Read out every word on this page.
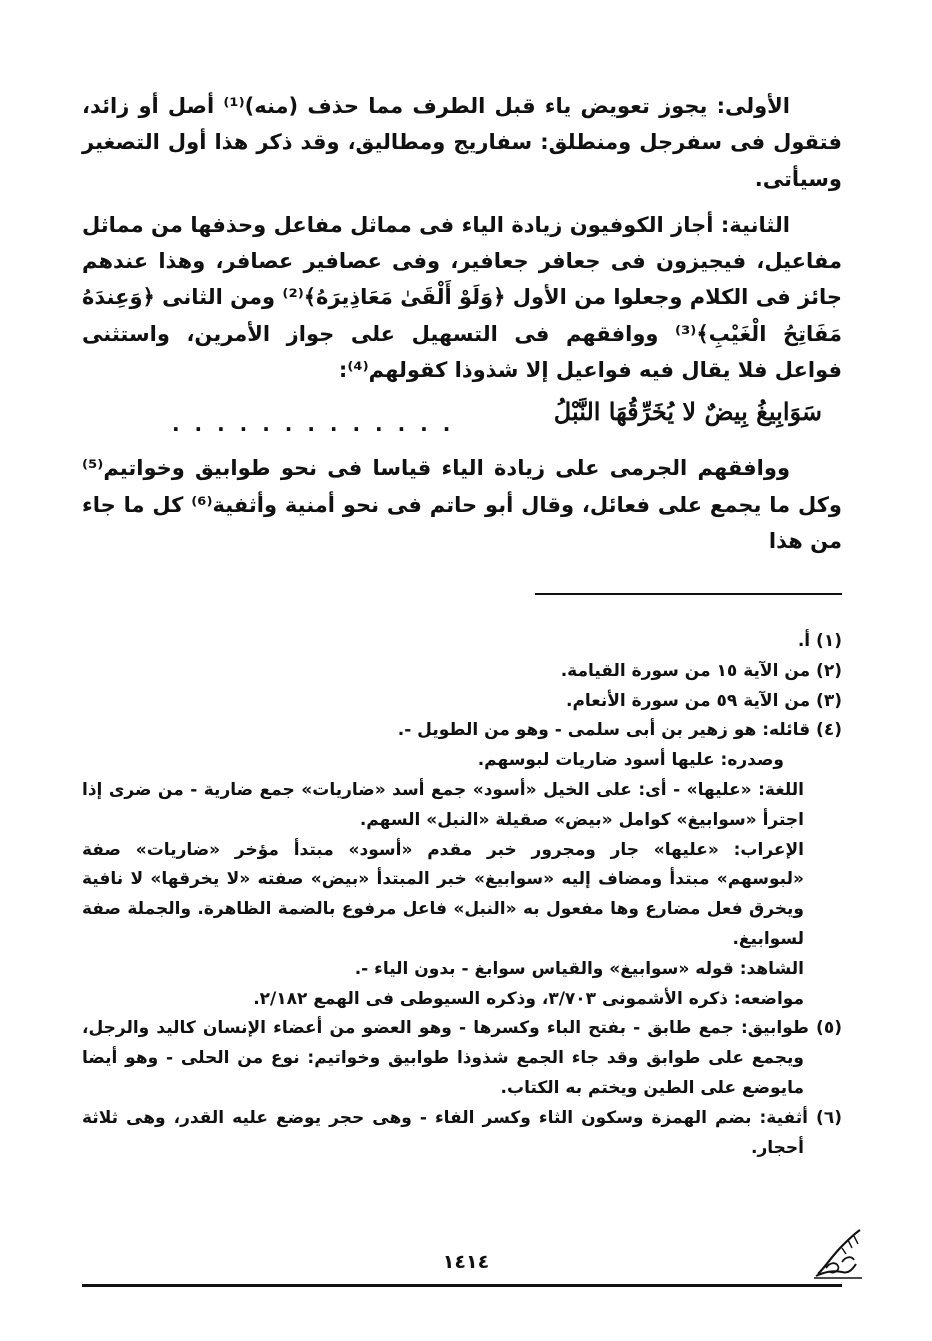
الأولى: يجوز تعويض ياء قبل الطرف مما حذف (منه)⁽¹⁾ أصل أو زائد، فتقول فى سفرجل ومنطلق: سفاريج ومطاليق، وقد ذكر هذا أول التصغير وسيأتى.

الثانية: أجاز الكوفيون زيادة الياء فى مماثل مفاعل وحذفها من مماثل مفاعيل، فيجيزون فى جعافر جعافير، وفى عصافير عصافر، وهذا عندهم جائز فى الكلام وجعلوا من الأول ﴿وَلَوْ أَلْقَىٰ مَعَاذِيرَهُ﴾⁽²⁾ ومن الثانى ﴿وَعِندَهُ مَفَاتِحُ الْغَيْبِ﴾⁽³⁾ ووافقهم فى التسهيل على جواز الأمرين، واستثنى فواعل فلا يقال فيه فواعيل إلا شذوذا كقولهم⁽⁴⁾:

سَوَابِيغُ بِيضٌ لا يُخَرِّقُهَا النَّبْلُ
. . . . . . . . . . . . .

ووافقهم الجرمى على زيادة الياء قياسا فى نحو طوابيق وخواتيم⁽⁵⁾ وكل ما يجمع على فعائل، وقال أبو حاتم فى نحو أمنية وأثفية⁽⁶⁾ كل ما جاء من هذا

(١) أ.

(٢) من الآية ١٥ من سورة القيامة.

(٣) من الآية ٥٩ من سورة الأنعام.

(٤) قائله: هو زهير بن أبى سلمى - وهو من الطويل -.

وصدره: عليها أسود ضاريات لبوسهم.

اللغة: «عليها» - أى: على الخيل «أسود» جمع أسد «ضاريات» جمع ضارية - من ضرى إذا اجترأ «سوابيغ» كوامل «بيض» صقيلة «النبل» السهم.

الإعراب: «عليها» جار ومجرور خبر مقدم «أسود» مبتدأ مؤخر «ضاريات» صفة «لبوسهم» مبتدأ ومضاف إليه «سوابيغ» خبر المبتدأ «بيض» صفته «لا يخرقها» لا نافية ويخرق فعل مضارع وها مفعول به «النبل» فاعل مرفوع بالضمة الظاهرة. والجملة صفة لسوابيغ.

الشاهد: قوله «سوابيغ» والقياس سوابغ - بدون الياء -.

مواضعه: ذكره الأشمونى ٣/٧٠٣، وذكره السيوطى فى الهمع ٢/١٨٢.

(٥) طوابيق: جمع طابق - بفتح الباء وكسرها - وهو العضو من أعضاء الإنسان كاليد والرجل، ويجمع على طوابق وقد جاء الجمع شذوذا طوابيق وخواتيم: نوع من الحلى - وهو أيضا مايوضع على الطين ويختم به الكتاب.

(٦) أثفية: بضم الهمزة وسكون الثاء وكسر الفاء - وهى حجر يوضع عليه القدر، وهى ثلاثة أحجار.

١٤١٤
